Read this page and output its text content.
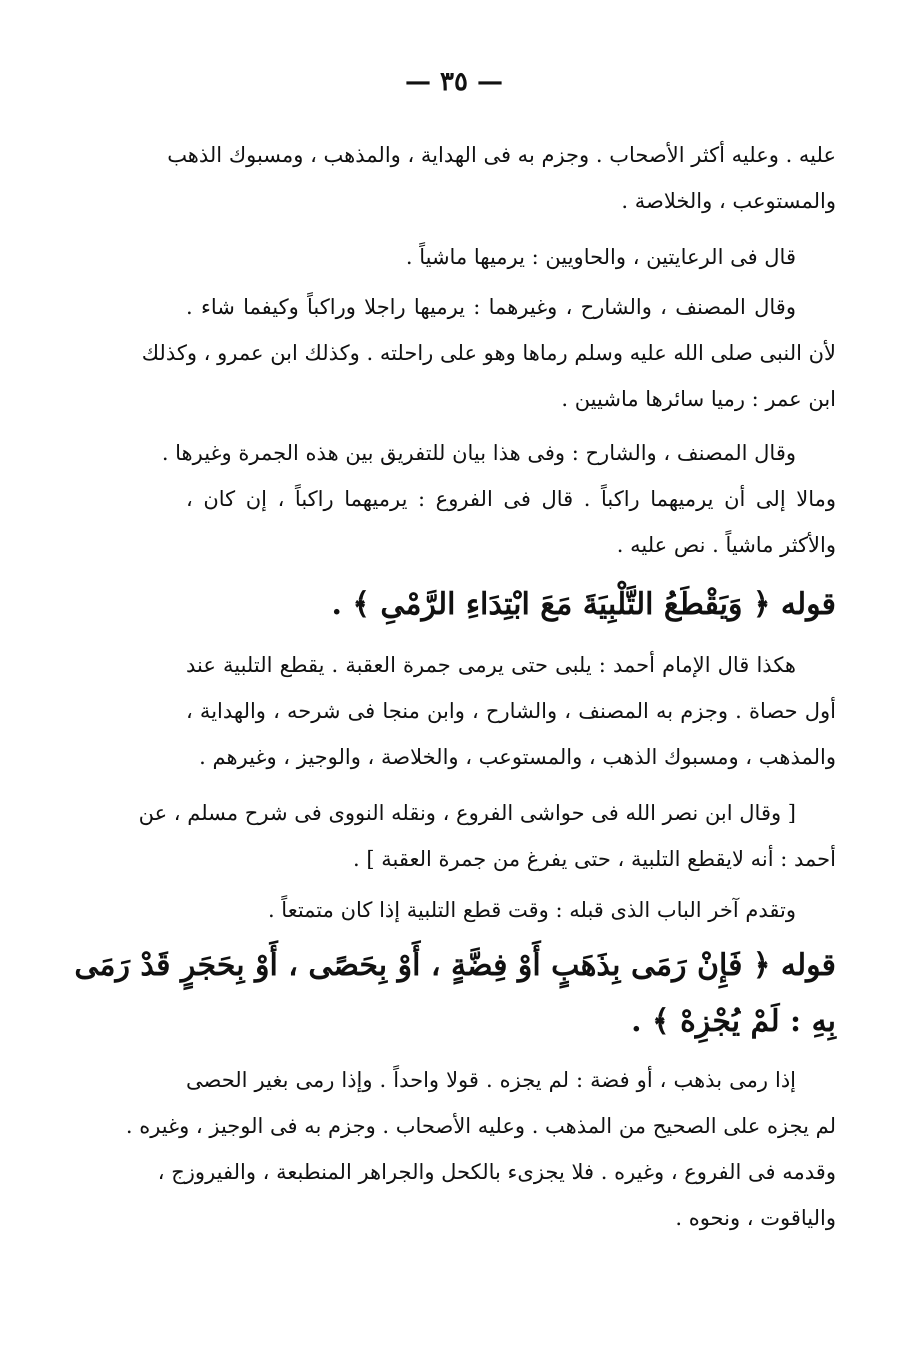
— ٣٥ —
عليه . وعليه أكثر الأصحاب . وجزم به فى الهداية ، والمذهب ، ومسبوك الذهب
والمستوعب ، والخلاصة .
قال فى الرعايتين ، والحاويين : يرميها ماشياً .
وقال المصنف ، والشارح ، وغيرهما : يرميها راجلا وراكباً وكيفما شاء .
لأن النبى صلى الله عليه وسلم رماها وهو على راحلته . وكذلك ابن عمرو ، وكذلك
ابن عمر : رميا سائرها ماشيين .
وقال المصنف ، والشارح : وفى هذا بيان للتفريق بين هذه الجمرة وغيرها .
ومالا إلى أن يرميهما راكباً . قال فى الفروع : يرميهما راكباً ، إن كان ،
والأكثر ماشياً . نص عليه .
قوله ﴿ وَيَقْطَعُ التَّلْبِيَةَ مَعَ ابْتِدَاءِ الرَّمْىِ ﴾ .
هكذا قال الإمام أحمد : يلبى حتى يرمى جمرة العقبة . يقطع التلبية عند
أول حصاة . وجزم به المصنف ، والشارح ، وابن منجا فى شرحه ، والهداية ،
والمذهب ، ومسبوك الذهب ، والمستوعب ، والخلاصة ، والوجيز ، وغيرهم .
[ وقال ابن نصر الله فى حواشى الفروع ، ونقله النووى فى شرح مسلم ، عن
أحمد : أنه لايقطع التلبية ، حتى يفرغ من جمرة العقبة ] .
وتقدم آخر الباب الذى قبله : وقت قطع التلبية إذا كان متمتعاً .
قوله ﴿ فَإِنْ رَمَى بِذَهَبٍ أَوْ فِضَّةٍ ، أَوْ بِحَصًى ، أَوْ بِحَجَرٍ قَدْ رَمَى
بِهِ : لَمْ يُجْزِهْ ﴾ .
إذا رمى بذهب ، أو فضة : لم يجزه . قولا واحداً . وإذا رمى بغير الحصى
لم يجزه على الصحيح من المذهب . وعليه الأصحاب . وجزم به فى الوجيز ، وغيره .
وقدمه فى الفروع ، وغيره . فلا يجزىء بالكحل والجراهر المنطبعة ، والفيروزج ،
والياقوت ، ونحوه .
